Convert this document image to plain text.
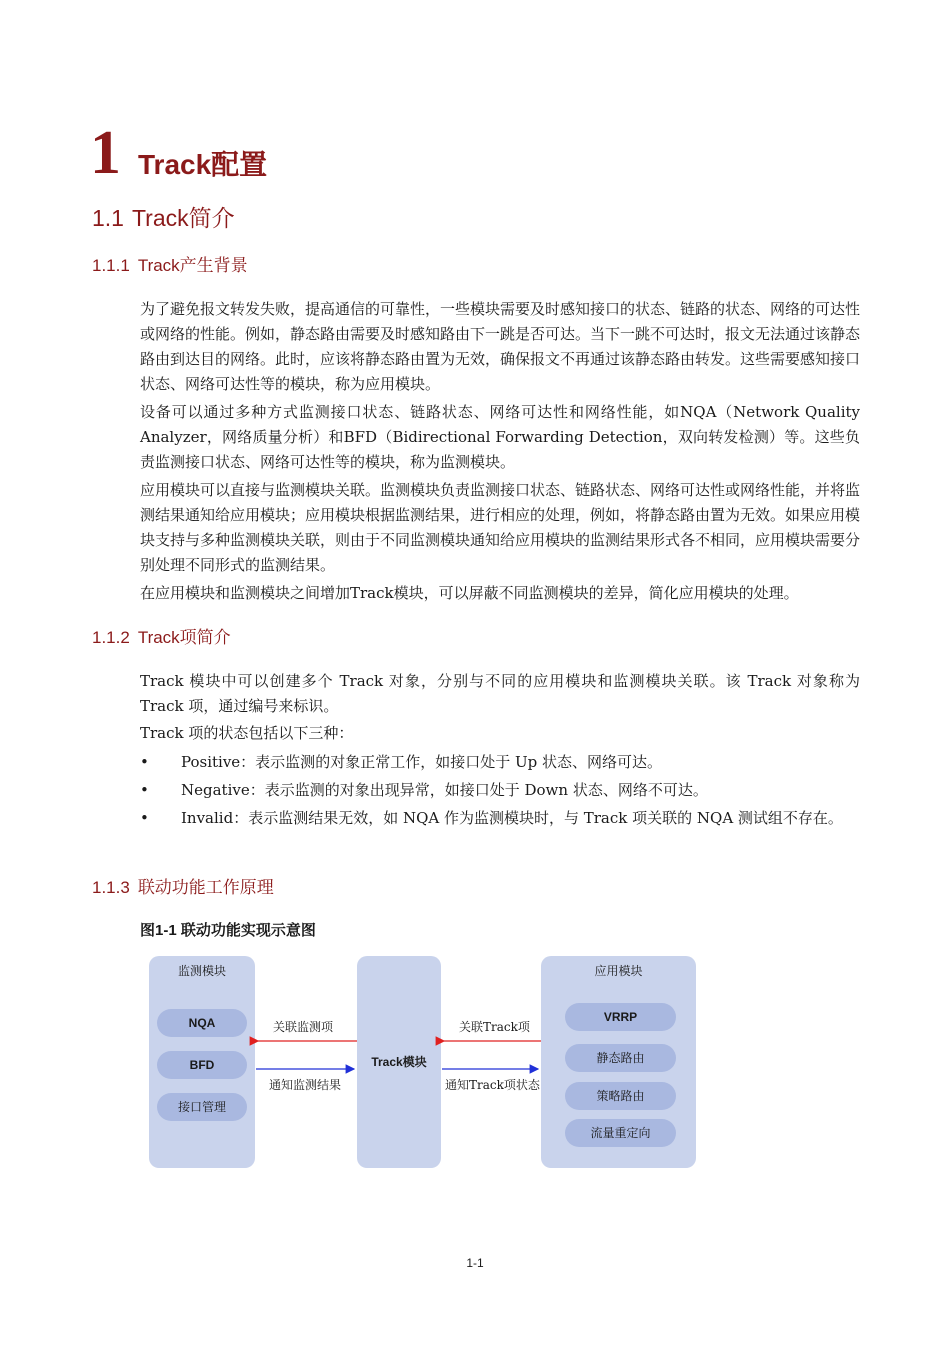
1 Track配置
1.1 Track简介
1.1.1 Track产生背景
为了避免报文转发失败，提高通信的可靠性，一些模块需要及时感知接口的状态、链路的状态、网络的可达性或网络的性能。例如，静态路由需要及时感知路由下一跳是否可达。当下一跳不可达时，报文无法通过该静态路由到达目的网络。此时，应该将静态路由置为无效，确保报文不再通过该静态路由转发。这些需要感知接口状态、网络可达性等的模块，称为应用模块。
设备可以通过多种方式监测接口状态、链路状态、网络可达性和网络性能，如NQA（Network Quality Analyzer，网络质量分析）和BFD（Bidirectional Forwarding Detection，双向转发检测）等。这些负责监测接口状态、网络可达性等的模块，称为监测模块。
应用模块可以直接与监测模块关联。监测模块负责监测接口状态、链路状态、网络可达性或网络性能，并将监测结果通知给应用模块；应用模块根据监测结果，进行相应的处理，例如，将静态路由置为无效。如果应用模块支持与多种监测模块关联，则由于不同监测模块通知给应用模块的监测结果形式各不相同，应用模块需要分别处理不同形式的监测结果。
在应用模块和监测模块之间增加Track模块，可以屏蔽不同监测模块的差异，简化应用模块的处理。
1.1.2 Track项简介
Track 模块中可以创建多个 Track 对象，分别与不同的应用模块和监测模块关联。该 Track 对象称为 Track 项，通过编号来标识。
Track 项的状态包括以下三种：
• Positive：表示监测的对象正常工作，如接口处于 Up 状态、网络可达。
• Negative：表示监测的对象出现异常，如接口处于 Down 状态、网络不可达。
• Invalid：表示监测结果无效，如 NQA 作为监测模块时，与 Track 项关联的 NQA 测试组不存在。
1.1.3 联动功能工作原理
图1-1 联动功能实现示意图
监测模块
NQA
BFD
接口管理
Track模块
应用模块
VRRP
静态路由
策略路由
流量重定向
关联监测项
通知监测结果
关联Track项
通知Track项状态
1-1
